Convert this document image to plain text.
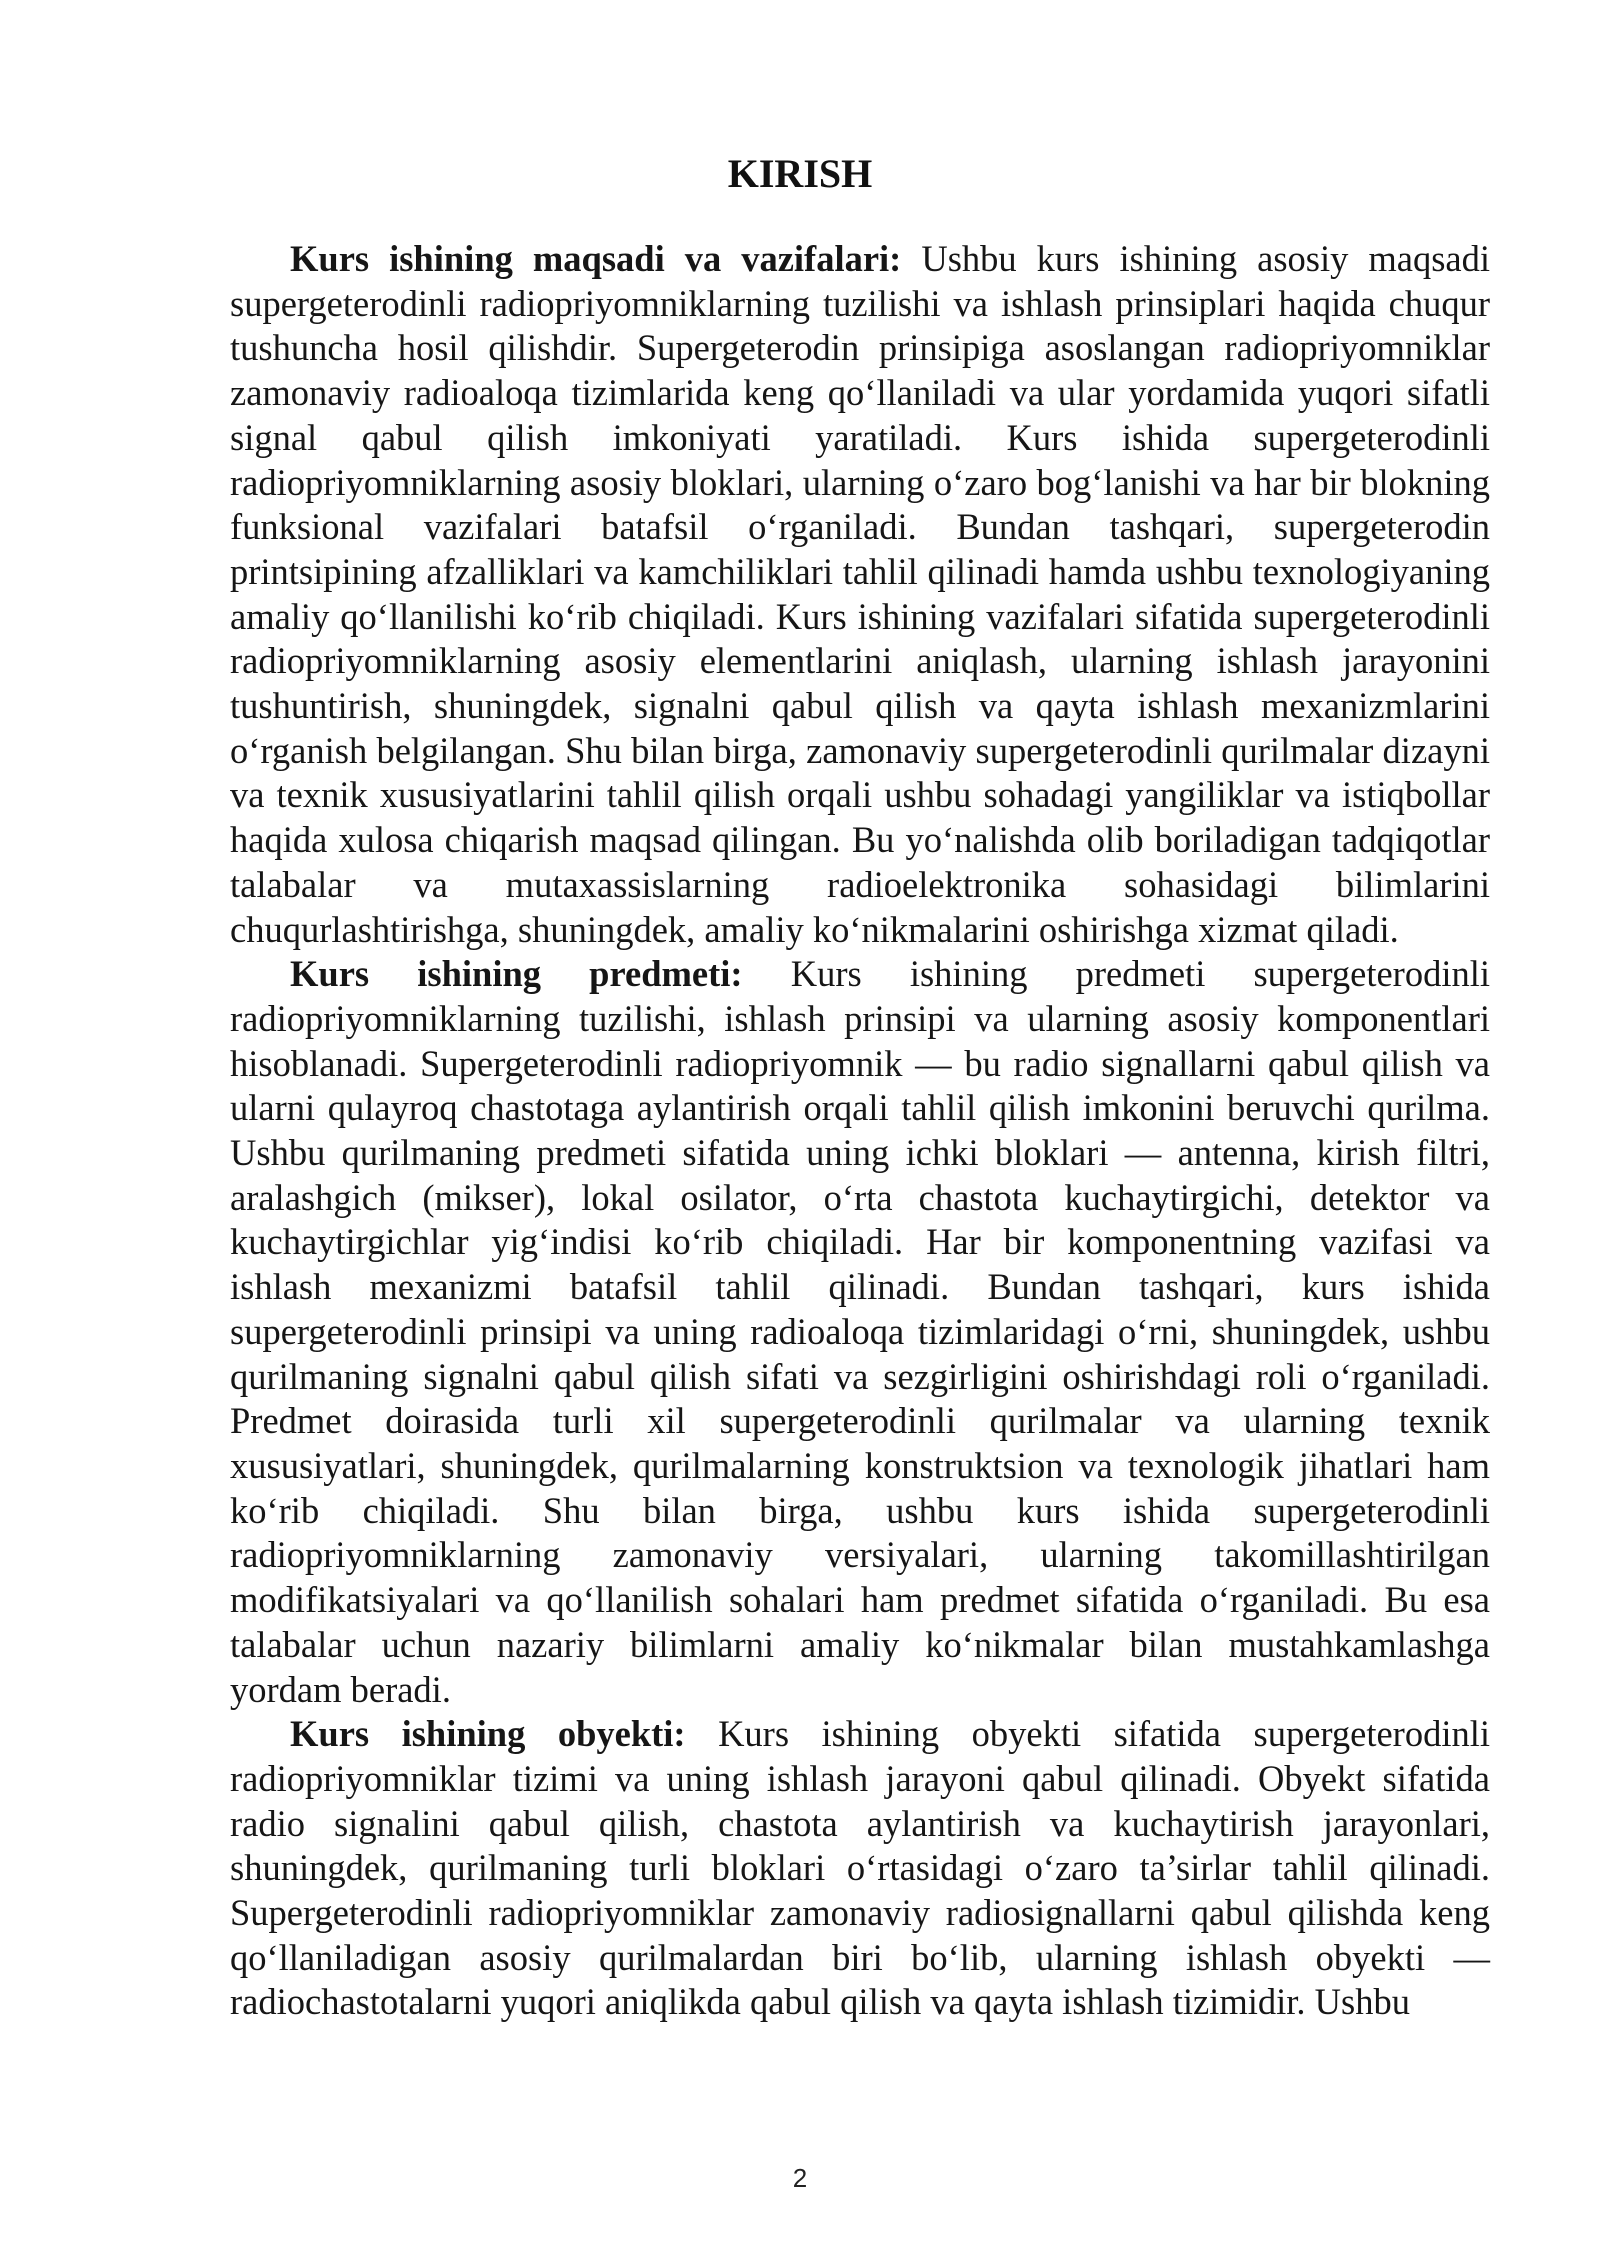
KIRISH

Kurs ishining maqsadi va vazifalari: Ushbu kurs ishining asosiy maqsadi supergeterodinli radiopriyomniklarning tuzilishi va ishlash prinsiplari haqida chuqur tushuncha hosil qilishdir. Supergeterodin prinsipiga asoslangan radiopriyomniklar zamonaviy radioaloqa tizimlarida keng qo‘llaniladi va ular yordamida yuqori sifatli signal qabul qilish imkoniyati yaratiladi. Kurs ishida supergeterodinli radiopriyomniklarning asosiy bloklari, ularning o‘zaro bog‘lanishi va har bir blokning funksional vazifalari batafsil o‘rganiladi. Bundan tashqari, supergeterodin printsipining afzalliklari va kamchiliklari tahlil qilinadi hamda ushbu texnologiyaning amaliy qo‘llanilishi ko‘rib chiqiladi. Kurs ishining vazifalari sifatida supergeterodinli radiopriyomniklarning asosiy elementlarini aniqlash, ularning ishlash jarayonini tushuntirish, shuningdek, signalni qabul qilish va qayta ishlash mexanizmlarini o‘rganish belgilangan. Shu bilan birga, zamonaviy supergeterodinli qurilmalar dizayni va texnik xususiyatlarini tahlil qilish orqali ushbu sohadagi yangiliklar va istiqbollar haqida xulosa chiqarish maqsad qilingan. Bu yo‘nalishda olib boriladigan tadqiqotlar talabalar va mutaxassislarning radioelektronika sohasidagi bilimlarini chuqurlashtirishga, shuningdek, amaliy ko‘nikmalarini oshirishga xizmat qiladi.

Kurs ishining predmeti: Kurs ishining predmeti supergeterodinli radiopriyomniklarning tuzilishi, ishlash prinsipi va ularning asosiy komponentlari hisoblanadi. Supergeterodinli radiopriyomnik — bu radio signallarni qabul qilish va ularni qulayroq chastotaga aylantirish orqali tahlil qilish imkonini beruvchi qurilma. Ushbu qurilmaning predmeti sifatida uning ichki bloklari — antenna, kirish filtri, aralashgich (mikser), lokal osilator, o‘rta chastota kuchaytirgichi, detektor va kuchaytirgichlar yig‘indisi ko‘rib chiqiladi. Har bir komponentning vazifasi va ishlash mexanizmi batafsil tahlil qilinadi. Bundan tashqari, kurs ishida supergeterodinli prinsipi va uning radioaloqa tizimlaridagi o‘rni, shuningdek, ushbu qurilmaning signalni qabul qilish sifati va sezgirligini oshirishdagi roli o‘rganiladi. Predmet doirasida turli xil supergeterodinli qurilmalar va ularning texnik xususiyatlari, shuningdek, qurilmalarning konstruktsion va texnologik jihatlari ham ko‘rib chiqiladi. Shu bilan birga, ushbu kurs ishida supergeterodinli radiopriyomniklarning zamonaviy versiyalari, ularning takomillashtirilgan modifikatsiyalari va qo‘llanilish sohalari ham predmet sifatida o‘rganiladi. Bu esa talabalar uchun nazariy bilimlarni amaliy ko‘nikmalar bilan mustahkamlashga yordam beradi.

Kurs ishining obyekti: Kurs ishining obyekti sifatida supergeterodinli radiopriyomniklar tizimi va uning ishlash jarayoni qabul qilinadi. Obyekt sifatida radio signalini qabul qilish, chastota aylantirish va kuchaytirish jarayonlari, shuningdek, qurilmaning turli bloklari o‘rtasidagi o‘zaro ta’sirlar tahlil qilinadi. Supergeterodinli radiopriyomniklar zamonaviy radiosignallarni qabul qilishda keng qo‘llaniladigan asosiy qurilmalardan biri bo‘lib, ularning ishlash obyekti — radiochastotalarni yuqori aniqlikda qabul qilish va qayta ishlash tizimidir. Ushbu

2
